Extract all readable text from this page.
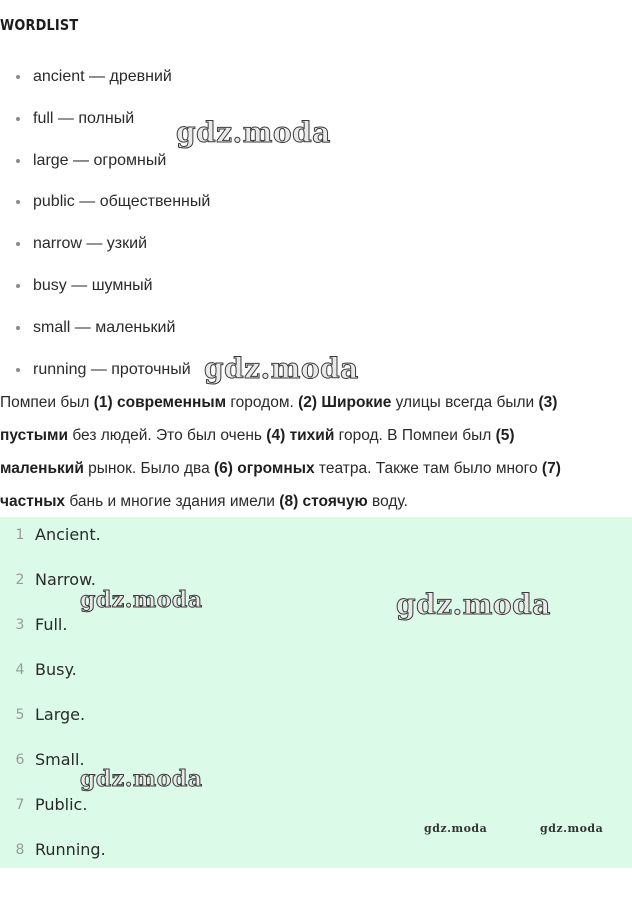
WORDLIST
ancient — древний
full — полный
large — огромный
public — общественный
narrow — узкий
busy — шумный
small — маленький
running — проточный
Помпеи был (1) современным городом. (2) Широкие улицы всегда были (3)
пустыми без людей. Это был очень (4) тихий город. В Помпеи был (5)
маленький рынок. Было два (6) огромных театра. Также там было много (7)
частных бань и многие здания имели (8) стоячую воду.
1 Ancient.
2 Narrow.
3 Full.
4 Busy.
5 Large.
6 Small.
7 Public.
8 Running.
gdz.moda
gdz.moda
gdz.moda	gdz.moda
gdz.moda
gdz.moda	gdz.moda
